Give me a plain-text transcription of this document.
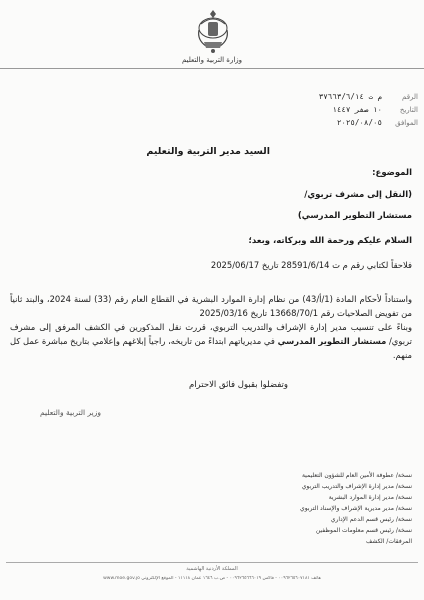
وزارة التربية والتعليم
الرقم
م ت ٣٧٦٦٣/٦/١٤
التاريخ
١٠ صفر ١٤٤٧
الموافق
٢٠٢٥/٠٨/٠٥
السيد مدير التربية والتعليم
الموضوع:
(النقل إلى مشرف تربوي/
مستشار التطوير المدرسي)
السلام عليكم ورحمة الله وبركاته، وبعد؛
فلاحقاً لكتابي رقم م ت 28591/6/14 تاريخ 2025/06/17
واستناداً لأحكام المادة (1/أ/43) من نظام إدارة الموارد البشرية في القطاع العام رقم (33) لسنة 2024، والبند ثانياً من تفويض الصلاحيات رقم 13668/70/1 تاريخ 2025/03/16
وبناءً على تنسيب مدير إدارة الإشراف والتدريب التربوي، قررت نقل المذكورين في الكشف المرفق إلى مشرف تربوي/ مستشار التطوير المدرسي في مديرياتهم ابتداءً من تاريخه، راجياً إبلاغهم وإعلامي بتاريخ مباشرة عمل كل منهم.
وتفضلوا بقبول فائق الاحترام
وزير التربية والتعليم
نسخة/ عطوفة الأمين العام للشؤون التعليمية
نسخة/ مدير إدارة الإشراف والتدريب التربوي
نسخة/ مدير إدارة الموارد البشرية
نسخة/ مدير مديرية الإشراف والإسناد التربوي
نسخة/ رئيس قسم الدعم الإداري
نسخة/ رئيس قسم معلومات الموظفين
المرفقات/ الكشف
المملكة الأردنية الهاشمية
هاتف ٠٠٩٦٢٦٥٦٠٧١٨١ - فاكس ٠٠٩٦٢٦٥٦٦٦٠١٩ - ص.ب ١٦٤٦ عمان ١١١١٨ - الموقع الإلكتروني www.moe.gov.jo
